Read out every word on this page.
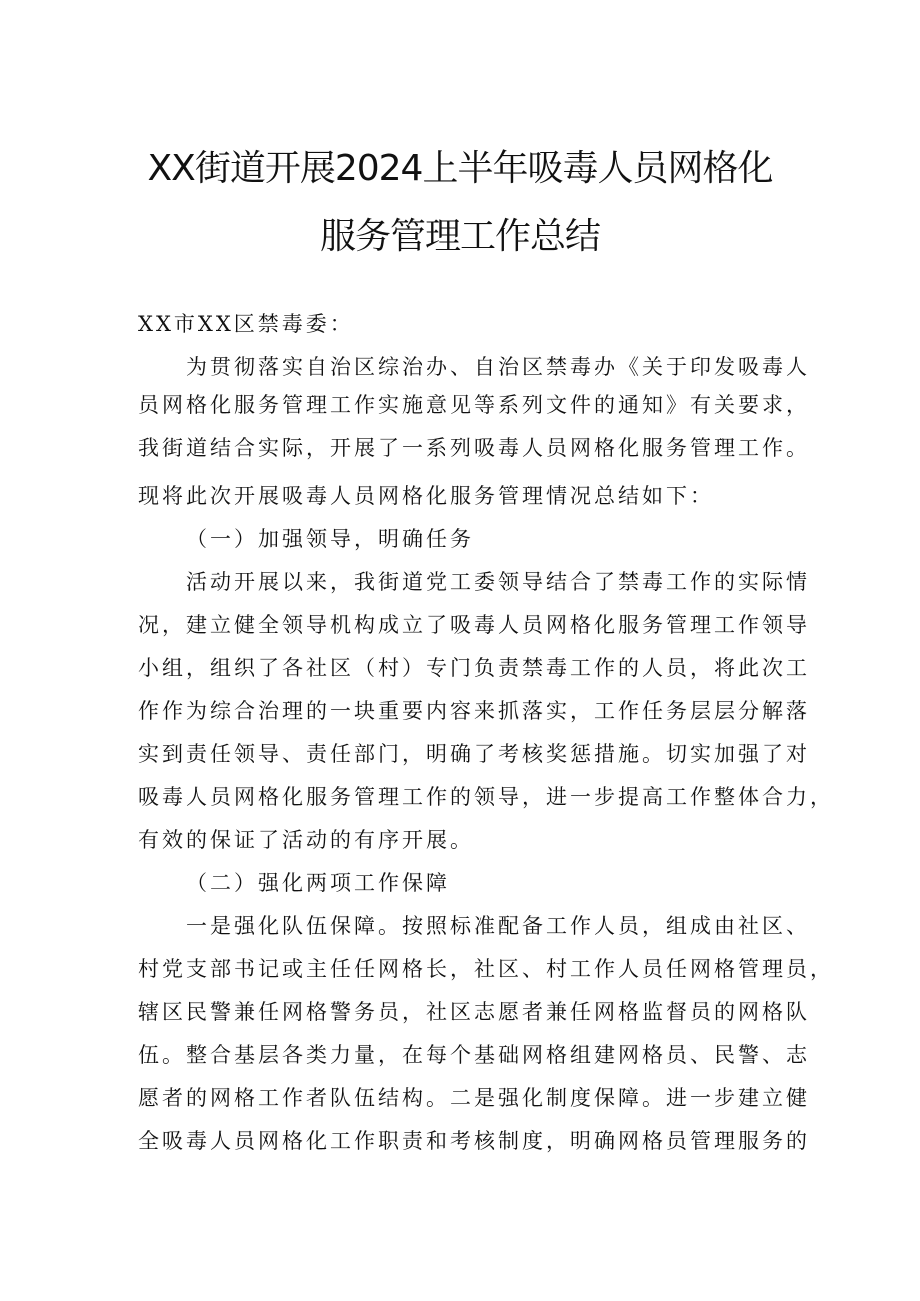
XX街道开展2024上半年吸毒人员网格化
服务管理工作总结
XX市XX区禁毒委：
为贯彻落实自治区综治办、自治区禁毒办《关于印发吸毒人
员网格化服务管理工作实施意见等系列文件的通知》有关要求，
我街道结合实际，开展了一系列吸毒人员网格化服务管理工作。
现将此次开展吸毒人员网格化服务管理情况总结如下：
（一）加强领导，明确任务
活动开展以来，我街道党工委领导结合了禁毒工作的实际情
况，建立健全领导机构成立了吸毒人员网格化服务管理工作领导
小组，组织了各社区（村）专门负责禁毒工作的人员，将此次工
作作为综合治理的一块重要内容来抓落实，工作任务层层分解落
实到责任领导、责任部门，明确了考核奖惩措施。切实加强了对
吸毒人员网格化服务管理工作的领导，进一步提高工作整体合力，
有效的保证了活动的有序开展。
（二）强化两项工作保障
一是强化队伍保障。按照标准配备工作人员，组成由社区、
村党支部书记或主任任网格长，社区、村工作人员任网格管理员，
辖区民警兼任网格警务员，社区志愿者兼任网格监督员的网格队
伍。整合基层各类力量，在每个基础网格组建网格员、民警、志
愿者的网格工作者队伍结构。二是强化制度保障。进一步建立健
全吸毒人员网格化工作职责和考核制度，明确网格员管理服务的
